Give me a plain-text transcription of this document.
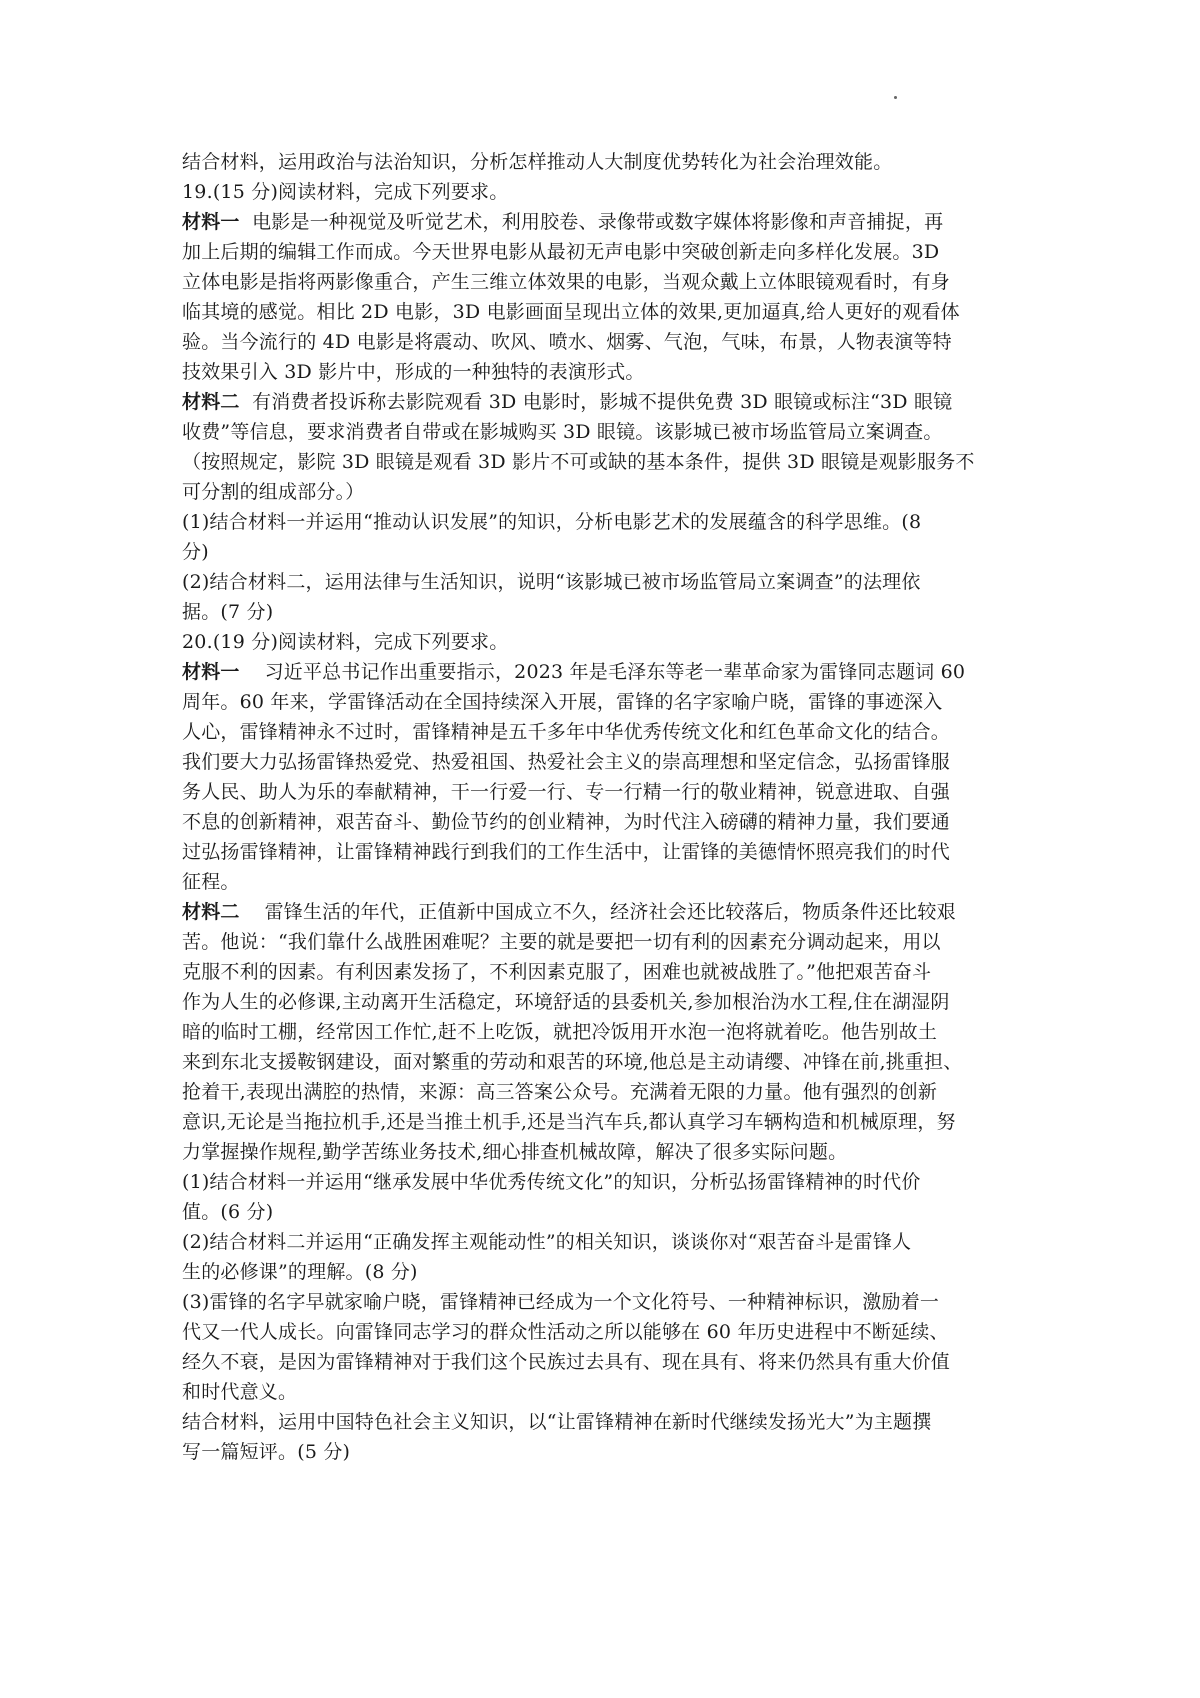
结合材料，运用政治与法治知识，分析怎样推动人大制度优势转化为社会治理效能。
19.(15 分)阅读材料，完成下列要求。
材料一  电影是一种视觉及听觉艺术，利用胶卷、录像带或数字媒体将影像和声音捕捉，再
加上后期的编辑工作而成。今天世界电影从最初无声电影中突破创新走向多样化发展。3D
立体电影是指将两影像重合，产生三维立体效果的电影，当观众戴上立体眼镜观看时，有身
临其境的感觉。相比 2D 电影，3D 电影画面呈现出立体的效果,更加逼真,给人更好的观看体
验。当今流行的 4D 电影是将震动、吹风、喷水、烟雾、气泡，气味，布景，人物表演等特
技效果引入 3D 影片中，形成的一种独特的表演形式。
材料二  有消费者投诉称去影院观看 3D 电影时，影城不提供免费 3D 眼镜或标注“3D 眼镜
收费”等信息，要求消费者自带或在影城购买 3D 眼镜。该影城已被市场监管局立案调查。
（按照规定，影院 3D 眼镜是观看 3D 影片不可或缺的基本条件，提供 3D 眼镜是观影服务不
可分割的组成部分。）
(1)结合材料一并运用“推动认识发展”的知识，分析电影艺术的发展蕴含的科学思维。(8
分)
(2)结合材料二，运用法律与生活知识，说明“该影城已被市场监管局立案调查”的法理依
据。(7 分)
20.(19 分)阅读材料，完成下列要求。
材料一    习近平总书记作出重要指示，2023 年是毛泽东等老一辈革命家为雷锋同志题词 60
周年。60 年来，学雷锋活动在全国持续深入开展，雷锋的名字家喻户晓，雷锋的事迹深入
人心，雷锋精神永不过时，雷锋精神是五千多年中华优秀传统文化和红色革命文化的结合。
我们要大力弘扬雷锋热爱党、热爱祖国、热爱社会主义的崇高理想和坚定信念，弘扬雷锋服
务人民、助人为乐的奉献精神，干一行爱一行、专一行精一行的敬业精神，锐意进取、自强
不息的创新精神，艰苦奋斗、勤俭节约的创业精神，为时代注入磅礴的精神力量，我们要通
过弘扬雷锋精神，让雷锋精神践行到我们的工作生活中，让雷锋的美德情怀照亮我们的时代
征程。
材料二    雷锋生活的年代，正值新中国成立不久，经济社会还比较落后，物质条件还比较艰
苦。他说：“我们靠什么战胜困难呢？主要的就是要把一切有利的因素充分调动起来，用以
克服不利的因素。有利因素发扬了，不利因素克服了，困难也就被战胜了。”他把艰苦奋斗
作为人生的必修课,主动离开生活稳定，环境舒适的县委机关,参加根治沩水工程,住在湖湿阴
暗的临时工棚，经常因工作忙,赶不上吃饭，就把冷饭用开水泡一泡将就着吃。他告别故土
来到东北支援鞍钢建设，面对繁重的劳动和艰苦的环境,他总是主动请缨、冲锋在前,挑重担、
抢着干,表现出满腔的热情，来源：高三答案公众号。充满着无限的力量。他有强烈的创新
意识,无论是当拖拉机手,还是当推土机手,还是当汽车兵,都认真学习车辆构造和机械原理，努
力掌握操作规程,勤学苦练业务技术,细心排查机械故障，解决了很多实际问题。
(1)结合材料一并运用“继承发展中华优秀传统文化”的知识，分析弘扬雷锋精神的时代价
值。(6 分)
(2)结合材料二并运用“正确发挥主观能动性”的相关知识，谈谈你对“艰苦奋斗是雷锋人
生的必修课”的理解。(8 分)
(3)雷锋的名字早就家喻户晓，雷锋精神已经成为一个文化符号、一种精神标识，激励着一
代又一代人成长。向雷锋同志学习的群众性活动之所以能够在 60 年历史进程中不断延续、
经久不衰，是因为雷锋精神对于我们这个民族过去具有、现在具有、将来仍然具有重大价值
和时代意义。
结合材料，运用中国特色社会主义知识，以“让雷锋精神在新时代继续发扬光大”为主题撰
写一篇短评。(5 分)
